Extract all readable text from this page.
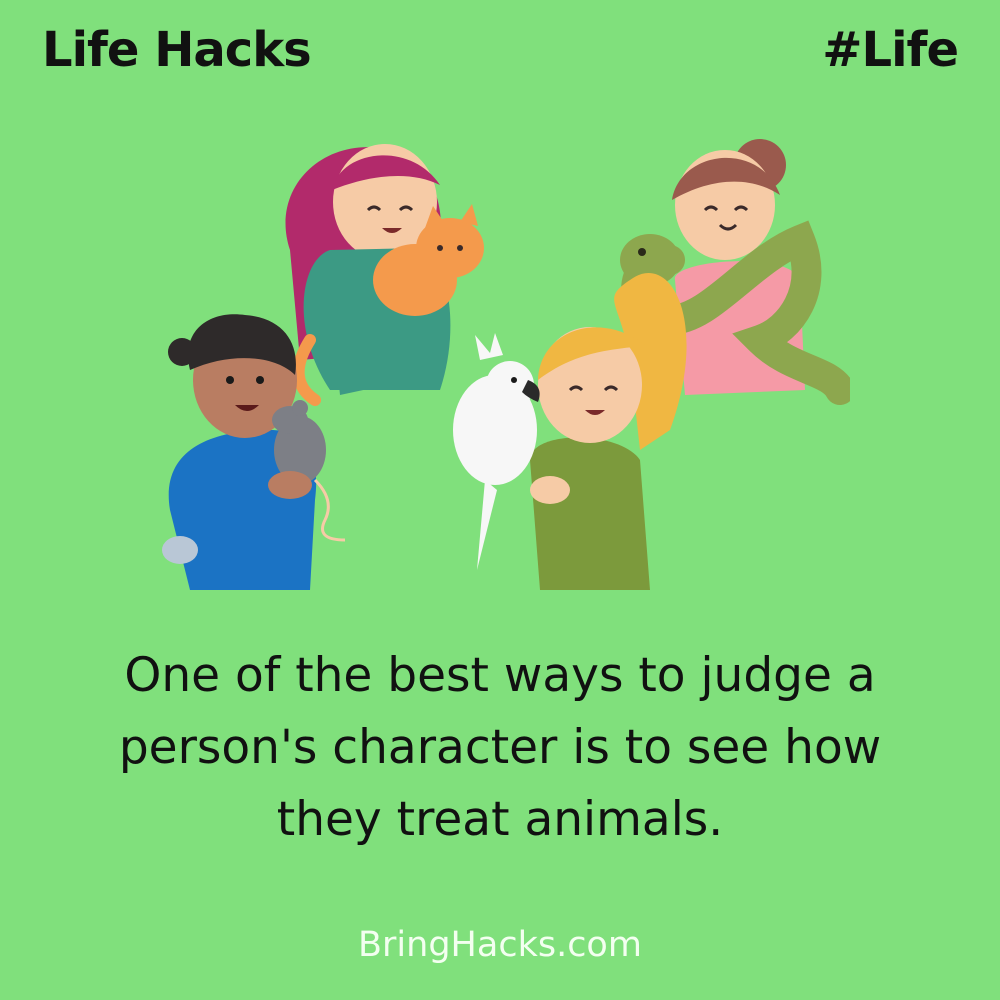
Life Hacks	#Life
One of the best ways to judge a
person's character is to see how
they treat animals.
BringHacks.com
